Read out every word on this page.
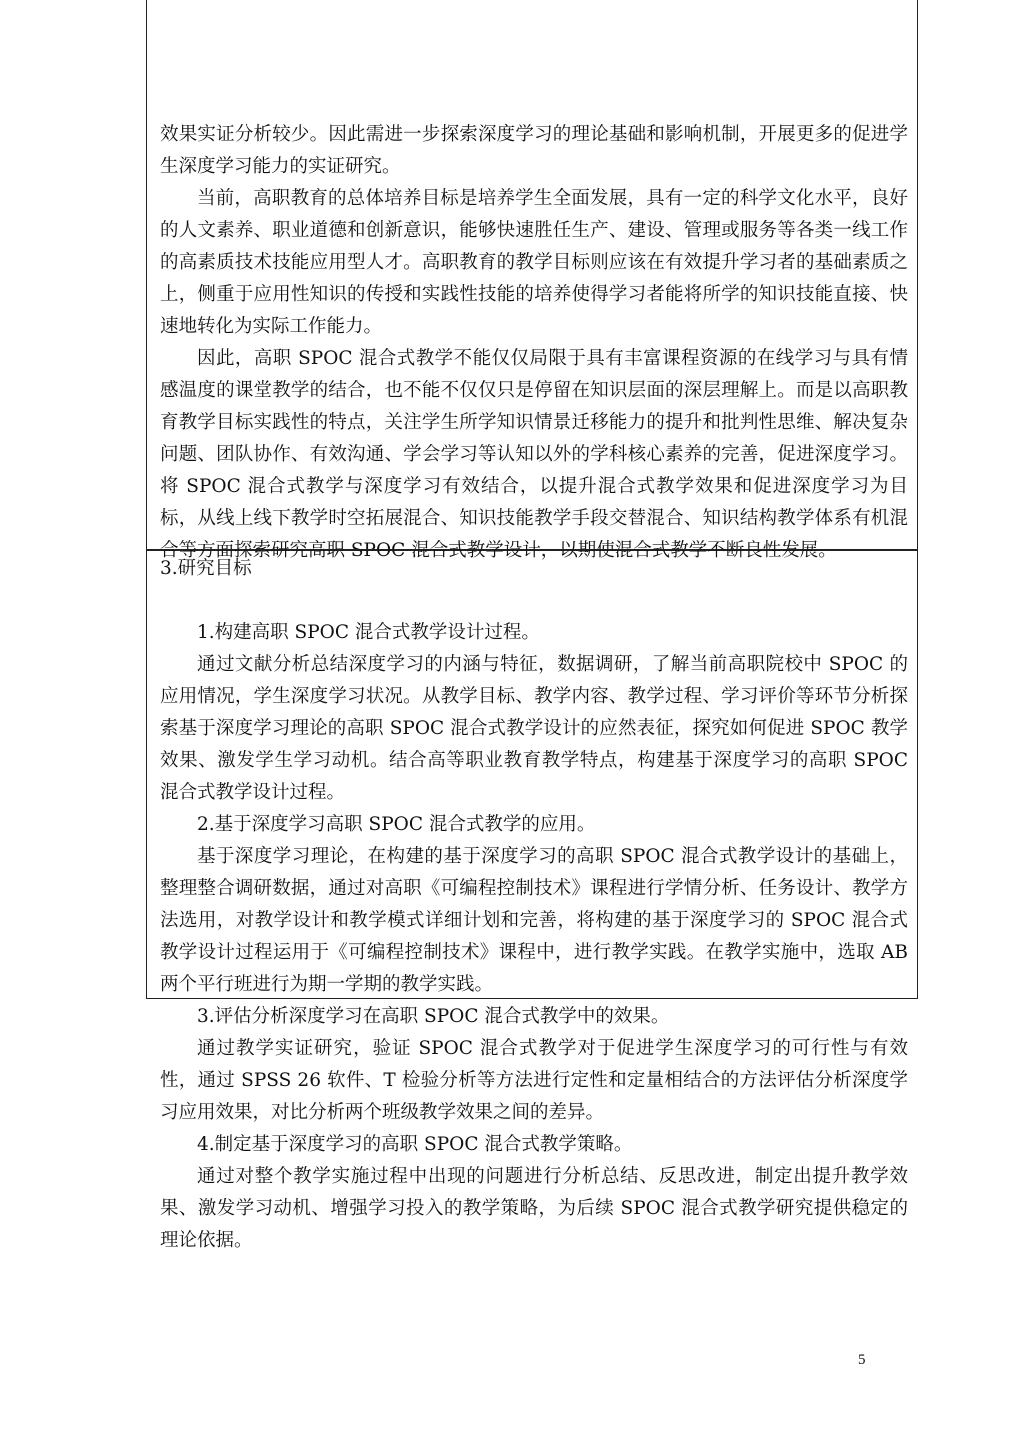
效果实证分析较少。因此需进一步探索深度学习的理论基础和影响机制，开展更多的促进学生深度学习能力的实证研究。

当前，高职教育的总体培养目标是培养学生全面发展，具有一定的科学文化水平，良好的人文素养、职业道德和创新意识，能够快速胜任生产、建设、管理或服务等各类一线工作的高素质技术技能应用型人才。高职教育的教学目标则应该在有效提升学习者的基础素质之上，侧重于应用性知识的传授和实践性技能的培养使得学习者能将所学的知识技能直接、快速地转化为实际工作能力。

因此，高职 SPOC 混合式教学不能仅仅局限于具有丰富课程资源的在线学习与具有情感温度的课堂教学的结合，也不能不仅仅只是停留在知识层面的深层理解上。而是以高职教育教学目标实践性的特点，关注学生所学知识情景迁移能力的提升和批判性思维、解决复杂问题、团队协作、有效沟通、学会学习等认知以外的学科核心素养的完善，促进深度学习。将 SPOC 混合式教学与深度学习有效结合，以提升混合式教学效果和促进深度学习为目标，从线上线下教学时空拓展混合、知识技能教学手段交替混合、知识结构教学体系有机混合等方面探索研究高职 SPOC 混合式教学设计，以期使混合式教学不断良性发展。

3.研究目标

1.构建高职 SPOC 混合式教学设计过程。

通过文献分析总结深度学习的内涵与特征，数据调研，了解当前高职院校中 SPOC 的应用情况，学生深度学习状况。从教学目标、教学内容、教学过程、学习评价等环节分析探索基于深度学习理论的高职 SPOC 混合式教学设计的应然表征，探究如何促进 SPOC 教学效果、激发学生学习动机。结合高等职业教育教学特点，构建基于深度学习的高职 SPOC 混合式教学设计过程。

2.基于深度学习高职 SPOC 混合式教学的应用。

基于深度学习理论，在构建的基于深度学习的高职 SPOC 混合式教学设计的基础上，整理整合调研数据，通过对高职《可编程控制技术》课程进行学情分析、任务设计、教学方法选用，对教学设计和教学模式详细计划和完善，将构建的基于深度学习的 SPOC 混合式教学设计过程运用于《可编程控制技术》课程中，进行教学实践。在教学实施中，选取 AB 两个平行班进行为期一学期的教学实践。

3.评估分析深度学习在高职 SPOC 混合式教学中的效果。

通过教学实证研究，验证 SPOC 混合式教学对于促进学生深度学习的可行性与有效性，通过 SPSS 26 软件、T 检验分析等方法进行定性和定量相结合的方法评估分析深度学习应用效果，对比分析两个班级教学效果之间的差异。

4.制定基于深度学习的高职 SPOC 混合式教学策略。

通过对整个教学实施过程中出现的问题进行分析总结、反思改进，制定出提升教学效果、激发学习动机、增强学习投入的教学策略，为后续 SPOC 混合式教学研究提供稳定的理论依据。

5
